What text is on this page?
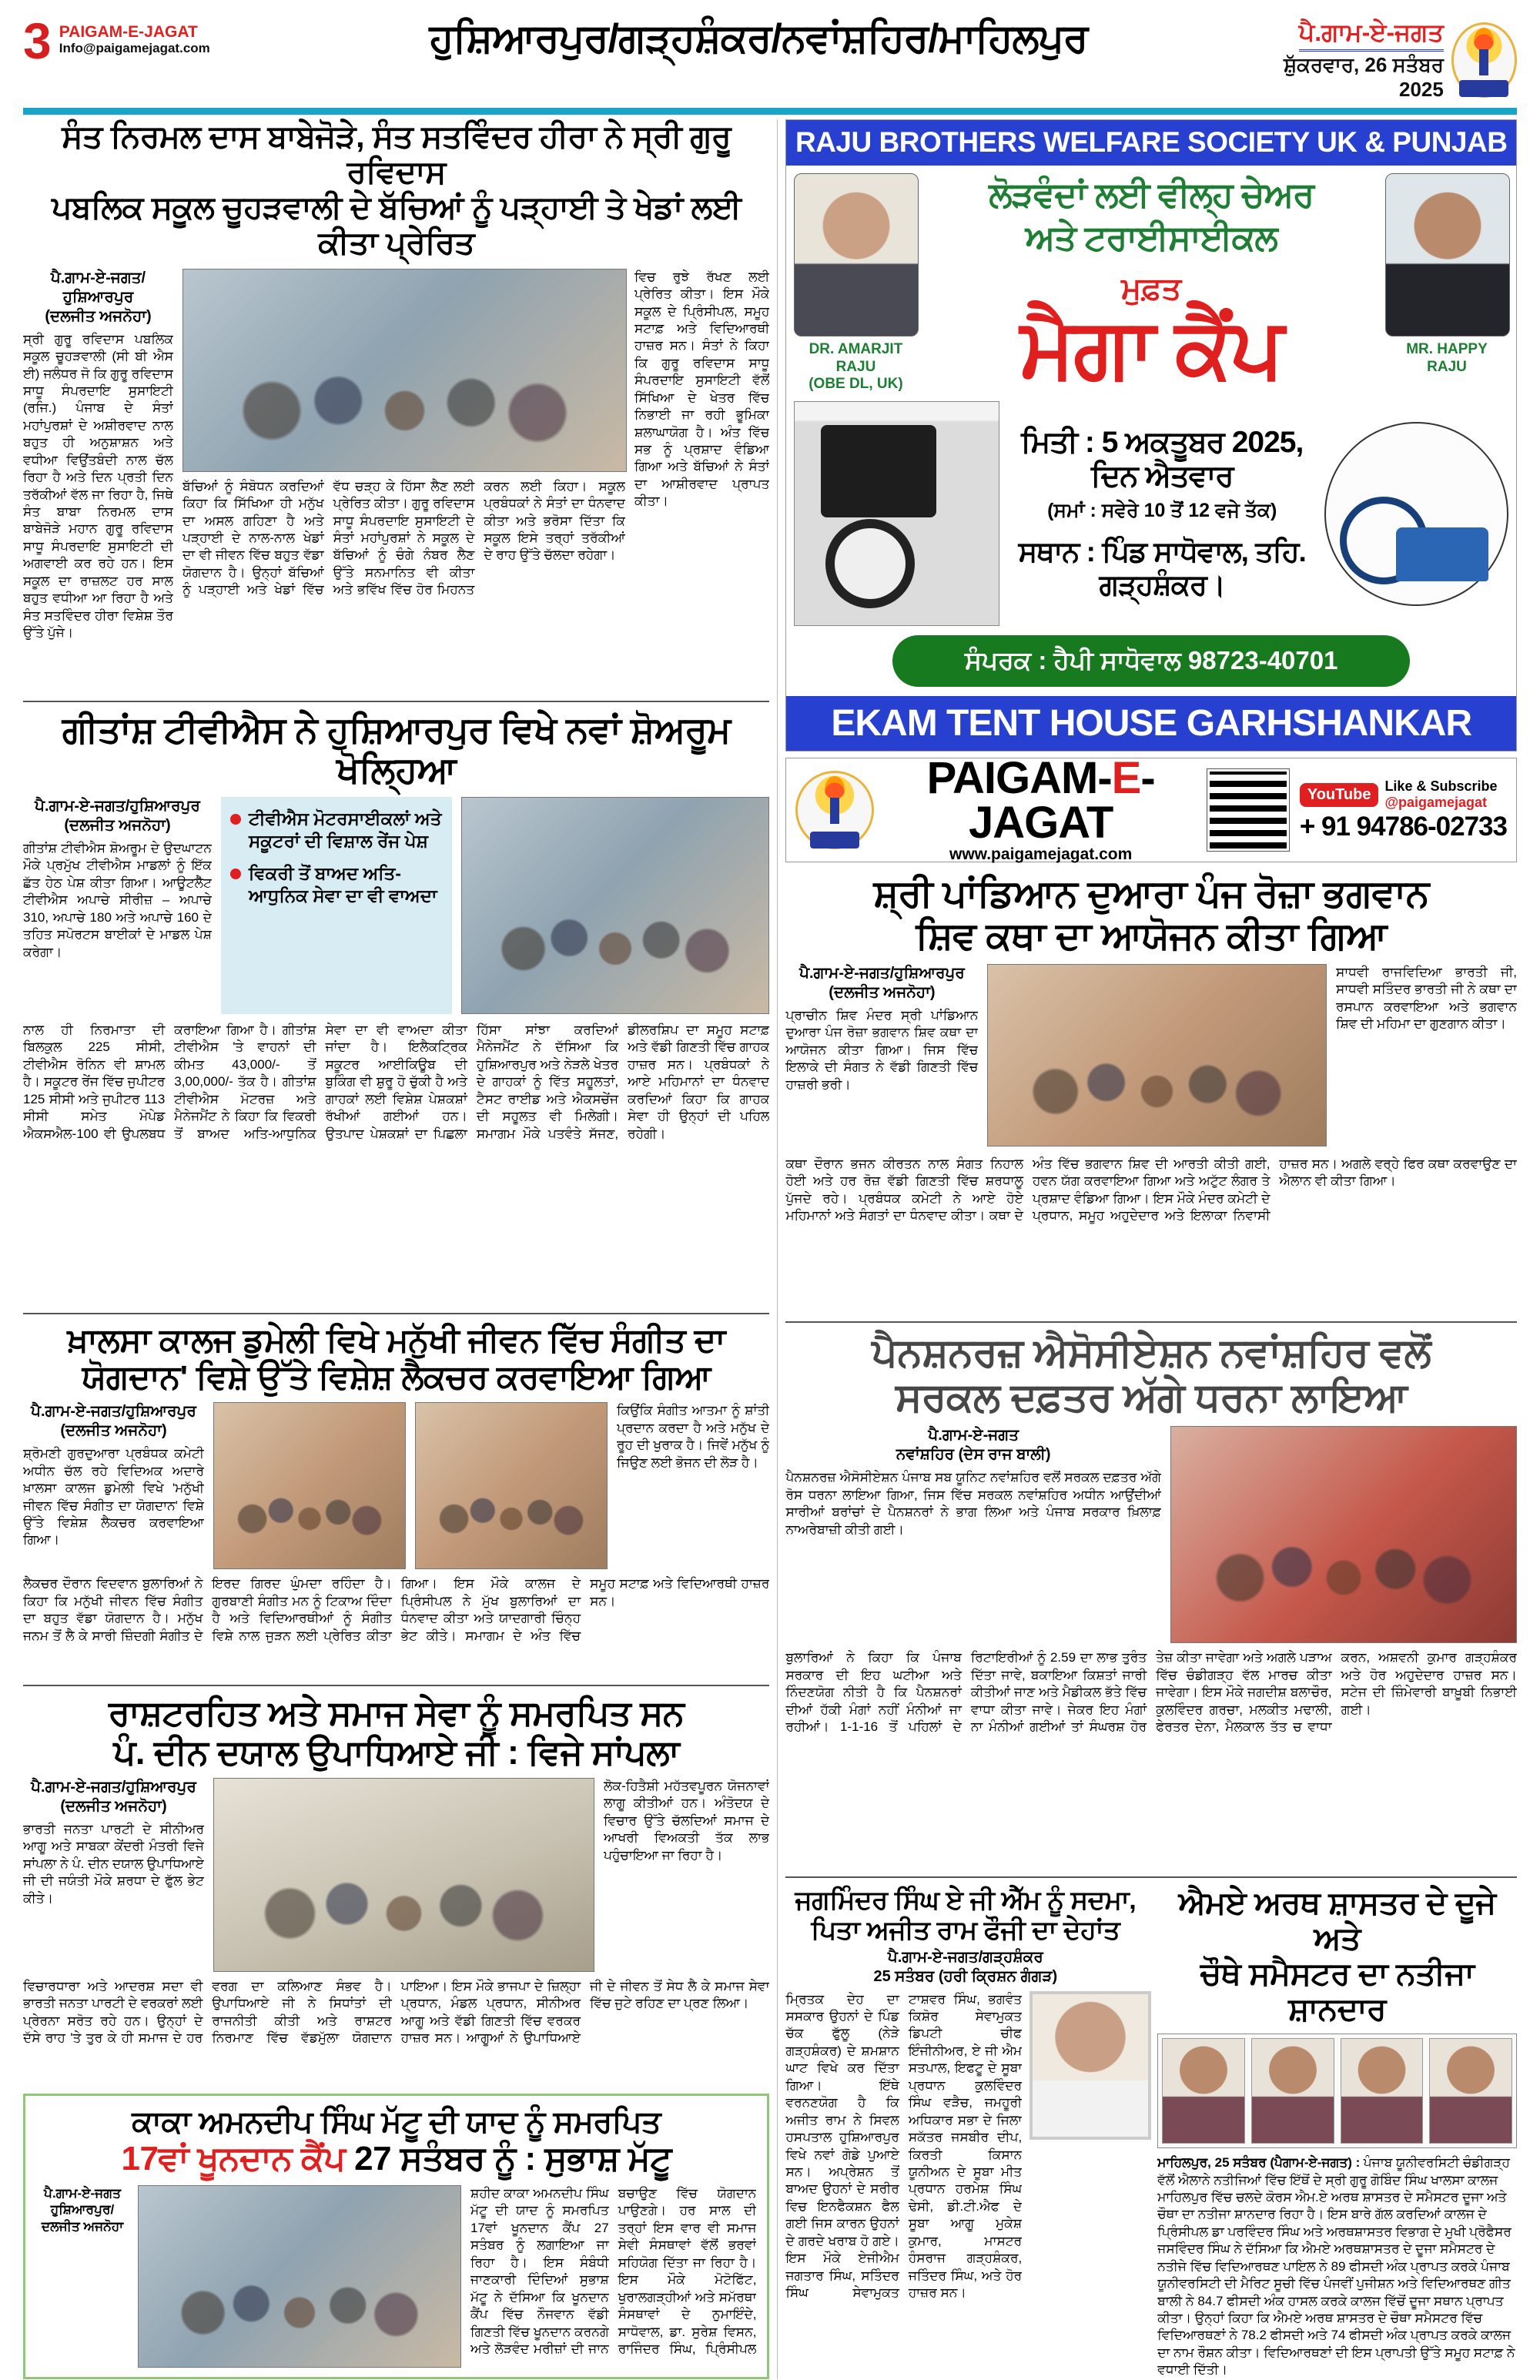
3 PAIGAM-E-JAGAT
Info@paigamejagat.com	ਹੁਸ਼ਿਆਰਪੁਰ/ਗੜ੍ਹਸ਼ੰਕਰ/ਨਵਾਂਸ਼ਹਿਰ/ਮਾਹਿਲਪੁਰ	ਪੈ.ਗਾਮ-ਏ-ਜਗਤ
ਸ਼ੁੱਕਰਵਾਰ, 26 ਸਤੰਬਰ 2025
ਸੰਤ ਨਿਰਮਲ ਦਾਸ ਬਾਬੇਜੋੜੇ, ਸੰਤ ਸਤਵਿੰਦਰ ਹੀਰਾ ਨੇ ਸ੍ਰੀ ਗੁਰੂ ਰਵਿਦਾਸ
ਪਬਲਿਕ ਸਕੂਲ ਚੂਹੜਵਾਲੀ ਦੇ ਬੱਚਿਆਂ ਨੂੰ ਪੜ੍ਹਾਈ ਤੇ ਖੇਡਾਂ ਲਈ ਕੀਤਾ ਪ੍ਰੇਰਿਤ
ਪੈ.ਗਾਮ-ਏ-ਜਗਤ/ਹੁਸ਼ਿਆਰਪੁਰ
(ਦਲਜੀਤ ਅਜਨੋਹਾ)
ਸ੍ਰੀ ਗੁਰੂ ਰਵਿਦਾਸ ਪਬਲਿਕ ਸਕੂਲ ਚੂਹੜਵਾਲੀ (ਸੀ ਬੀ ਐਸ ਈ) ਜਲੰਧਰ ਜੋ ਕਿ ਗੁਰੂ ਰਵਿਦਾਸ ਸਾਧੂ ਸੰਪਰਦਾਇ ਸੁਸਾਇਟੀ (ਰਜਿ.) ਪੰਜਾਬ ਦੇ ਸੰਤਾਂ ਮਹਾਂਪੁਰਸ਼ਾਂ ਦੇ ਅਸ਼ੀਰਵਾਦ ਨਾਲ ਬਹੁਤ ਹੀ ਅਨੁਸ਼ਾਸ਼ਨ ਅਤੇ ਵਧੀਆ ਵਿਉਂਤਬੰਦੀ ਨਾਲ ਚੱਲ ਰਿਹਾ ਹੈ ਅਤੇ ਦਿਨ ਪ੍ਰਤੀ ਦਿਨ ਤਰੱਕੀਆਂ ਵੱਲ ਜਾ ਰਿਹਾ ਹੈ, ਜਿਥੇ ਸੰਤ ਬਾਬਾ ਨਿਰਮਲ ਦਾਸ ਬਾਬੇਜੋੜੇ ਮਹਾਨ ਗੁਰੂ ਰਵਿਦਾਸ ਸਾਧੂ ਸੰਪਰਦਾਇ ਸੁਸਾਇਟੀ ਦੀ ਅਗਵਾਈ ਕਰ ਰਹੇ ਹਨ। ਇਸ ਸਕੂਲ ਦਾ ਰਾਜ਼ਲਟ ਹਰ ਸਾਲ ਬਹੁਤ ਵਧੀਆ ਆ ਰਿਹਾ ਹੈ ਅਤੇ ਸੰਤ ਸਤਵਿੰਦਰ ਹੀਰਾ ਵਿਸ਼ੇਸ਼ ਤੌਰ ਉੱਤੇ ਪੁੱਜੇ।
ਬੱਚਿਆਂ ਨੂੰ ਸੰਬੋਧਨ ਕਰਦਿਆਂ ਕਿਹਾ ਕਿ ਸਿੱਖਿਆ ਹੀ ਮਨੁੱਖ ਦਾ ਅਸਲ ਗਹਿਣਾ ਹੈ ਅਤੇ ਪੜ੍ਹਾਈ ਦੇ ਨਾਲ-ਨਾਲ ਖੇਡਾਂ ਦਾ ਵੀ ਜੀਵਨ ਵਿੱਚ ਬਹੁਤ ਵੱਡਾ ਯੋਗਦਾਨ ਹੈ। ਉਨ੍ਹਾਂ ਬੱਚਿਆਂ ਨੂੰ ਪੜ੍ਹਾਈ ਅਤੇ ਖੇਡਾਂ ਵਿੱਚ ਵੱਧ ਚੜ੍ਹ ਕੇ ਹਿੱਸਾ ਲੈਣ ਲਈ ਪ੍ਰੇਰਿਤ ਕੀਤਾ। ਗੁਰੂ ਰਵਿਦਾਸ ਸਾਧੂ ਸੰਪਰਦਾਇ ਸੁਸਾਇਟੀ ਦੇ ਸੰਤਾਂ ਮਹਾਂਪੁਰਸ਼ਾਂ ਨੇ ਸਕੂਲ ਦੇ ਬੱਚਿਆਂ ਨੂੰ ਚੰਗੇ ਨੰਬਰ ਲੈਣ ਉੱਤੇ ਸਨਮਾਨਿਤ ਵੀ ਕੀਤਾ ਅਤੇ ਭਵਿੱਖ ਵਿੱਚ ਹੋਰ ਮਿਹਨਤ ਕਰਨ ਲਈ ਕਿਹਾ। ਸਕੂਲ ਪ੍ਰਬੰਧਕਾਂ ਨੇ ਸੰਤਾਂ ਦਾ ਧੰਨਵਾਦ ਕੀਤਾ ਅਤੇ ਭਰੋਸਾ ਦਿੱਤਾ ਕਿ ਸਕੂਲ ਇਸੇ ਤਰ੍ਹਾਂ ਤਰੱਕੀਆਂ ਦੇ ਰਾਹ ਉੱਤੇ ਚੱਲਦਾ ਰਹੇਗਾ।
ਵਿਚ ਰੁਝੇ ਰੱਖਣ ਲਈ ਪ੍ਰੇਰਿਤ ਕੀਤਾ। ਇਸ ਮੌਕੇ ਸਕੂਲ ਦੇ ਪ੍ਰਿੰਸੀਪਲ, ਸਮੂਹ ਸਟਾਫ਼ ਅਤੇ ਵਿਦਿਆਰਥੀ ਹਾਜ਼ਰ ਸਨ। ਸੰਤਾਂ ਨੇ ਕਿਹਾ ਕਿ ਗੁਰੂ ਰਵਿਦਾਸ ਸਾਧੂ ਸੰਪਰਦਾਇ ਸੁਸਾਇਟੀ ਵੱਲੋਂ ਸਿੱਖਿਆ ਦੇ ਖੇਤਰ ਵਿੱਚ ਨਿਭਾਈ ਜਾ ਰਹੀ ਭੂਮਿਕਾ ਸ਼ਲਾਘਾਯੋਗ ਹੈ। ਅੰਤ ਵਿੱਚ ਸਭ ਨੂੰ ਪ੍ਰਸ਼ਾਦ ਵੰਡਿਆ ਗਿਆ ਅਤੇ ਬੱਚਿਆਂ ਨੇ ਸੰਤਾਂ ਦਾ ਆਸ਼ੀਰਵਾਦ ਪ੍ਰਾਪਤ ਕੀਤਾ।
ਗੀਤਾਂਸ਼ ਟੀਵੀਐਸ ਨੇ ਹੁਸ਼ਿਆਰਪੁਰ ਵਿਖੇ ਨਵਾਂ ਸ਼ੋਅਰੂਮ ਖੋਲ੍ਹਿਆ
ਪੈ.ਗਾਮ-ਏ-ਜਗਤ/ਹੁਸ਼ਿਆਰਪੁਰ
(ਦਲਜੀਤ ਅਜਨੋਹਾ)
ਗੀਤਾਂਸ਼ ਟੀਵੀਐਸ ਸ਼ੋਅਰੂਮ ਦੇ ਉਦਘਾਟਨ ਮੌਕੇ ਪ੍ਰਮੁੱਖ ਟੀਵੀਐਸ ਮਾਡਲਾਂ ਨੂੰ ਇੱਕ ਛੱਤ ਹੇਠ ਪੇਸ਼ ਕੀਤਾ ਗਿਆ। ਆਊਟਲੈੱਟ ਟੀਵੀਐਸ ਅਪਾਚੇ ਸੀਰੀਜ਼ – ਅਪਾਚੇ 310, ਅਪਾਚੇ 180 ਅਤੇ ਅਪਾਚੇ 160 ਦੇ ਤਹਿਤ ਸਪੋਰਟਸ ਬਾਈਕਾਂ ਦੇ ਮਾਡਲ ਪੇਸ਼ ਕਰੇਗਾ।
ਟੀਵੀਐਸ ਮੋਟਰਸਾਈਕਲਾਂ ਅਤੇ ਸਕੂਟਰਾਂ ਦੀ ਵਿਸ਼ਾਲ ਰੇਂਜ ਪੇਸ਼
ਵਿਕਰੀ ਤੋਂ ਬਾਅਦ ਅਤਿ-ਆਧੁਨਿਕ ਸੇਵਾ ਦਾ ਵੀ ਵਾਅਦਾ
ਨਾਲ ਹੀ ਨਿਰਮਾਤਾ ਦੀ ਬਿਲਕੁਲ 225 ਸੀਸੀ, ਟੀਵੀਐਸ ਰੋਨਿਨ ਵੀ ਸ਼ਾਮਲ ਹੈ। ਸਕੂਟਰ ਰੇਂਜ ਵਿੱਚ ਜੁਪੀਟਰ 125 ਸੀਸੀ ਅਤੇ ਜੁਪੀਟਰ 113 ਸੀਸੀ ਸਮੇਤ ਮੋਪੇਡ ਐਕਸਐਲ-100 ਵੀ ਉਪਲਬਧ ਕਰਾਇਆ ਗਿਆ ਹੈ। ਗੀਤਾਂਸ਼ ਟੀਵੀਐਸ 'ਤੇ ਵਾਹਨਾਂ ਦੀ ਕੀਮਤ 43,000/- ਤੋਂ 3,00,000/- ਤੱਕ ਹੈ। ਗੀਤਾਂਸ਼ ਟੀਵੀਐਸ ਮੋਟਰਜ਼ ਅਤੇ ਮੈਨੇਜਮੈਂਟ ਨੇ ਕਿਹਾ ਕਿ ਵਿਕਰੀ ਤੋਂ ਬਾਅਦ ਅਤਿ-ਆਧੁਨਿਕ ਸੇਵਾ ਦਾ ਵੀ ਵਾਅਦਾ ਕੀਤਾ ਜਾਂਦਾ ਹੈ। ਇਲੈਕਟ੍ਰਿਕ ਸਕੂਟਰ ਆਈਕਿਊਬ ਦੀ ਬੁਕਿੰਗ ਵੀ ਸ਼ੁਰੂ ਹੋ ਚੁੱਕੀ ਹੈ ਅਤੇ ਗਾਹਕਾਂ ਲਈ ਵਿਸ਼ੇਸ਼ ਪੇਸ਼ਕਸ਼ਾਂ ਰੱਖੀਆਂ ਗਈਆਂ ਹਨ। ਉਤਪਾਦ ਪੇਸ਼ਕਸ਼ਾਂ ਦਾ ਪਿਛਲਾ ਹਿੱਸਾ ਸਾਂਝਾ ਕਰਦਿਆਂ ਮੈਨੇਜਮੈਂਟ ਨੇ ਦੱਸਿਆ ਕਿ ਹੁਸ਼ਿਆਰਪੁਰ ਅਤੇ ਨੇੜਲੇ ਖੇਤਰ ਦੇ ਗਾਹਕਾਂ ਨੂੰ ਵਿੱਤ ਸਹੂਲਤਾਂ, ਟੈਸਟ ਰਾਈਡ ਅਤੇ ਐਕਸਚੇਂਜ ਦੀ ਸਹੂਲਤ ਵੀ ਮਿਲੇਗੀ। ਸਮਾਗਮ ਮੌਕੇ ਪਤਵੰਤੇ ਸੱਜਣ, ਡੀਲਰਸ਼ਿਪ ਦਾ ਸਮੂਹ ਸਟਾਫ਼ ਅਤੇ ਵੱਡੀ ਗਿਣਤੀ ਵਿੱਚ ਗਾਹਕ ਹਾਜ਼ਰ ਸਨ। ਪ੍ਰਬੰਧਕਾਂ ਨੇ ਆਏ ਮਹਿਮਾਨਾਂ ਦਾ ਧੰਨਵਾਦ ਕਰਦਿਆਂ ਕਿਹਾ ਕਿ ਗਾਹਕ ਸੇਵਾ ਹੀ ਉਨ੍ਹਾਂ ਦੀ ਪਹਿਲ ਰਹੇਗੀ।
ਖ਼ਾਲਸਾ ਕਾਲਜ ਡੁਮੇਲੀ ਵਿਖੇ ਮਨੁੱਖੀ ਜੀਵਨ ਵਿੱਚ ਸੰਗੀਤ ਦਾ
ਯੋਗਦਾਨ' ਵਿਸ਼ੇ ਉੱਤੇ ਵਿਸ਼ੇਸ਼ ਲੈਕਚਰ ਕਰਵਾਇਆ ਗਿਆ
ਪੈ.ਗਾਮ-ਏ-ਜਗਤ/ਹੁਸ਼ਿਆਰਪੁਰ
(ਦਲਜੀਤ ਅਜਨੋਹਾ)
ਸ਼੍ਰੋਮਣੀ ਗੁਰਦੁਆਰਾ ਪ੍ਰਬੰਧਕ ਕਮੇਟੀ ਅਧੀਨ ਚੱਲ ਰਹੇ ਵਿਦਿਅਕ ਅਦਾਰੇ ਖ਼ਾਲਸਾ ਕਾਲਜ ਡੁਮੇਲੀ ਵਿਖੇ 'ਮਨੁੱਖੀ ਜੀਵਨ ਵਿੱਚ ਸੰਗੀਤ ਦਾ ਯੋਗਦਾਨ' ਵਿਸ਼ੇ ਉੱਤੇ ਵਿਸ਼ੇਸ਼ ਲੈਕਚਰ ਕਰਵਾਇਆ ਗਿਆ।
ਕਿਉਂਕਿ ਸੰਗੀਤ ਆਤਮਾ ਨੂੰ ਸ਼ਾਂਤੀ ਪ੍ਰਦਾਨ ਕਰਦਾ ਹੈ ਅਤੇ ਮਨੁੱਖ ਦੇ ਰੂਹ ਦੀ ਖੁਰਾਕ ਹੈ। ਜਿਵੇਂ ਮਨੁੱਖ ਨੂੰ ਜਿਉਣ ਲਈ ਭੋਜਨ ਦੀ ਲੋੜ ਹੈ।
ਲੈਕਚਰ ਦੌਰਾਨ ਵਿਦਵਾਨ ਬੁਲਾਰਿਆਂ ਨੇ ਕਿਹਾ ਕਿ ਮਨੁੱਖੀ ਜੀਵਨ ਵਿੱਚ ਸੰਗੀਤ ਦਾ ਬਹੁਤ ਵੱਡਾ ਯੋਗਦਾਨ ਹੈ। ਮਨੁੱਖ ਜਨਮ ਤੋਂ ਲੈ ਕੇ ਸਾਰੀ ਜ਼ਿੰਦਗੀ ਸੰਗੀਤ ਦੇ ਇਰਦ ਗਿਰਦ ਘੁੰਮਦਾ ਰਹਿੰਦਾ ਹੈ। ਗੁਰਬਾਣੀ ਸੰਗੀਤ ਮਨ ਨੂੰ ਟਿਕਾਅ ਦਿੰਦਾ ਹੈ ਅਤੇ ਵਿਦਿਆਰਥੀਆਂ ਨੂੰ ਸੰਗੀਤ ਵਿਸ਼ੇ ਨਾਲ ਜੁੜਨ ਲਈ ਪ੍ਰੇਰਿਤ ਕੀਤਾ ਗਿਆ। ਇਸ ਮੌਕੇ ਕਾਲਜ ਦੇ ਪ੍ਰਿੰਸੀਪਲ ਨੇ ਮੁੱਖ ਬੁਲਾਰਿਆਂ ਦਾ ਧੰਨਵਾਦ ਕੀਤਾ ਅਤੇ ਯਾਦਗਾਰੀ ਚਿੰਨ੍ਹ ਭੇਟ ਕੀਤੇ। ਸਮਾਗਮ ਦੇ ਅੰਤ ਵਿੱਚ ਸਮੂਹ ਸਟਾਫ਼ ਅਤੇ ਵਿਦਿਆਰਥੀ ਹਾਜ਼ਰ ਸਨ।
ਰਾਸ਼ਟਰਹਿਤ ਅਤੇ ਸਮਾਜ ਸੇਵਾ ਨੂੰ ਸਮਰਪਿਤ ਸਨ
ਪੰ. ਦੀਨ ਦਯਾਲ ਉਪਾਧਿਆਏ ਜੀ : ਵਿਜੇ ਸਾਂਪਲਾ
ਪੈ.ਗਾਮ-ਏ-ਜਗਤ/ਹੁਸ਼ਿਆਰਪੁਰ
(ਦਲਜੀਤ ਅਜਨੋਹਾ)
ਭਾਰਤੀ ਜਨਤਾ ਪਾਰਟੀ ਦੇ ਸੀਨੀਅਰ ਆਗੂ ਅਤੇ ਸਾਬਕਾ ਕੇਂਦਰੀ ਮੰਤਰੀ ਵਿਜੇ ਸਾਂਪਲਾ ਨੇ ਪੰ. ਦੀਨ ਦਯਾਲ ਉਪਾਧਿਆਏ ਜੀ ਦੀ ਜਯੰਤੀ ਮੌਕੇ ਸ਼ਰਧਾ ਦੇ ਫੁੱਲ ਭੇਟ ਕੀਤੇ।
ਲੋਕ-ਹਿਤੈਸ਼ੀ ਮਹੱਤਵਪੂਰਨ ਯੋਜਨਾਵਾਂ ਲਾਗੂ ਕੀਤੀਆਂ ਹਨ। ਅੰਤੋਦਯ ਦੇ ਵਿਚਾਰ ਉੱਤੇ ਚੱਲਦਿਆਂ ਸਮਾਜ ਦੇ ਆਖਰੀ ਵਿਅਕਤੀ ਤੱਕ ਲਾਭ ਪਹੁੰਚਾਇਆ ਜਾ ਰਿਹਾ ਹੈ।
ਵਿਚਾਰਧਾਰਾ ਅਤੇ ਆਦਰਸ਼ ਸਦਾ ਵੀ ਭਾਰਤੀ ਜਨਤਾ ਪਾਰਟੀ ਦੇ ਵਰਕਰਾਂ ਲਈ ਪ੍ਰੇਰਨਾ ਸਰੋਤ ਰਹੇ ਹਨ। ਉਨ੍ਹਾਂ ਦੇ ਦੱਸੇ ਰਾਹ 'ਤੇ ਤੁਰ ਕੇ ਹੀ ਸਮਾਜ ਦੇ ਹਰ ਵਰਗ ਦਾ ਕਲਿਆਣ ਸੰਭਵ ਹੈ। ਉਪਾਧਿਆਏ ਜੀ ਨੇ ਸਿਧਾਂਤਾਂ ਦੀ ਰਾਜਨੀਤੀ ਕੀਤੀ ਅਤੇ ਰਾਸ਼ਟਰ ਨਿਰਮਾਣ ਵਿੱਚ ਵੱਡਮੁੱਲਾ ਯੋਗਦਾਨ ਪਾਇਆ। ਇਸ ਮੌਕੇ ਭਾਜਪਾ ਦੇ ਜ਼ਿਲ੍ਹਾ ਪ੍ਰਧਾਨ, ਮੰਡਲ ਪ੍ਰਧਾਨ, ਸੀਨੀਅਰ ਆਗੂ ਅਤੇ ਵੱਡੀ ਗਿਣਤੀ ਵਿੱਚ ਵਰਕਰ ਹਾਜ਼ਰ ਸਨ। ਆਗੂਆਂ ਨੇ ਉਪਾਧਿਆਏ ਜੀ ਦੇ ਜੀਵਨ ਤੋਂ ਸੇਧ ਲੈ ਕੇ ਸਮਾਜ ਸੇਵਾ ਵਿੱਚ ਜੁਟੇ ਰਹਿਣ ਦਾ ਪ੍ਰਣ ਲਿਆ।
ਕਾਕਾ ਅਮਨਦੀਪ ਸਿੰਘ ਮੱਟੂ ਦੀ ਯਾਦ ਨੂੰ ਸਮਰਪਿਤ
17ਵਾਂ ਖੂਨਦਾਨ ਕੈਂਪ 27 ਸਤੰਬਰ ਨੂੰ : ਸੁਭਾਸ਼ ਮੱਟੂ
ਪੈ.ਗਾਮ-ਏ-ਜਗਤ
ਹੁਸ਼ਿਆਰਪੁਰ/ਦਲਜੀਤ ਅਜਨੋਹਾ
ਸ਼ਹੀਦ ਕਾਕਾ ਅਮਨਦੀਪ ਸਿੰਘ ਮੱਟੂ ਦੀ ਯਾਦ ਨੂੰ ਸਮਰਪਿਤ 17ਵਾਂ ਖੂਨਦਾਨ ਕੈਂਪ 27 ਸਤੰਬਰ ਨੂੰ ਲਗਾਇਆ ਜਾ ਰਿਹਾ ਹੈ। ਇਸ ਸੰਬੰਧੀ ਜਾਣਕਾਰੀ ਦਿੰਦਿਆਂ ਸੁਭਾਸ਼ ਮੱਟੂ ਨੇ ਦੱਸਿਆ ਕਿ ਖੂਨਦਾਨ ਕੈਂਪ ਵਿੱਚ ਨੌਜਵਾਨ ਵੱਡੀ ਗਿਣਤੀ ਵਿੱਚ ਖੂਨਦਾਨ ਕਰਨਗੇ ਅਤੇ ਲੋੜਵੰਦ ਮਰੀਜ਼ਾਂ ਦੀ ਜਾਨ ਬਚਾਉਣ ਵਿੱਚ ਯੋਗਦਾਨ ਪਾਉਣਗੇ। ਹਰ ਸਾਲ ਦੀ ਤਰ੍ਹਾਂ ਇਸ ਵਾਰ ਵੀ ਸਮਾਜ ਸੇਵੀ ਸੰਸਥਾਵਾਂ ਵੱਲੋਂ ਭਰਵਾਂ ਸਹਿਯੋਗ ਦਿੱਤਾ ਜਾ ਰਿਹਾ ਹੈ। ਇਸ ਮੌਕੇ ਮੋਟੋਫਿੱਟ, ਖੁਰਾਲਗੜ੍ਹੀਆਂ ਅਤੇ ਸਮੱਰਥਾ ਸੰਸਥਾਵਾਂ ਦੇ ਨੁਮਾਇੰਦੇ, ਸਾਧੋਵਾਲ, ਡਾ. ਸੁਰੇਸ਼ ਵਿਸਨ, ਰਾਜਿੰਦਰ ਸਿੰਘ, ਪ੍ਰਿੰਸੀਪਲ
RAJU BROTHERS WELFARE SOCIETY UK & PUNJAB
DR. AMARJIT RAJU
(OBE DL, UK)
ਲੋੜਵੰਦਾਂ ਲਈ ਵੀਲ੍ਹ ਚੇਅਰ
ਅਤੇ ਟਰਾਈਸਾਈਕਲ
ਮੁਫ਼ਤ
ਮੈਗਾ ਕੈਂਪ	MR. HAPPY
RAJU
ਮਿਤੀ : 5 ਅਕਤੂਬਰ 2025, ਦਿਨ ਐਤਵਾਰ
(ਸਮਾਂ : ਸਵੇਰੇ 10 ਤੋਂ 12 ਵਜੇ ਤੱਕ)
ਸਥਾਨ : ਪਿੰਡ ਸਾਧੋਵਾਲ, ਤਹਿ. ਗੜ੍ਹਸ਼ੰਕਰ।
ਸੰਪਰਕ : ਹੈਪੀ ਸਾਧੋਵਾਲ 98723-40701
EKAM TENT HOUSE GARHSHANKAR
PAIGAM-E-JAGAT
www.paigamejagat.com
YouTube
Like & Subscribe
@paigamejagat
+ 91 94786-02733
ਸ਼੍ਰੀ ਪਾਂਡਿਆਨ ਦੁਆਰਾ ਪੰਜ ਰੋਜ਼ਾ ਭਗਵਾਨ
ਸ਼ਿਵ ਕਥਾ ਦਾ ਆਯੋਜਨ ਕੀਤਾ ਗਿਆ
ਪੈ.ਗਾਮ-ਏ-ਜਗਤ/ਹੁਸ਼ਿਆਰਪੁਰ
(ਦਲਜੀਤ ਅਜਨੋਹਾ)
ਪ੍ਰਾਚੀਨ ਸ਼ਿਵ ਮੰਦਰ ਸ੍ਰੀ ਪਾਂਡਿਆਨ ਦੁਆਰਾ ਪੰਜ ਰੋਜ਼ਾ ਭਗਵਾਨ ਸ਼ਿਵ ਕਥਾ ਦਾ ਆਯੋਜਨ ਕੀਤਾ ਗਿਆ। ਜਿਸ ਵਿੱਚ ਇਲਾਕੇ ਦੀ ਸੰਗਤ ਨੇ ਵੱਡੀ ਗਿਣਤੀ ਵਿੱਚ ਹਾਜ਼ਰੀ ਭਰੀ।
ਸਾਧਵੀ ਰਾਜਵਿਦਿਆ ਭਾਰਤੀ ਜੀ, ਸਾਧਵੀ ਸਤਿੰਦਰ ਭਾਰਤੀ ਜੀ ਨੇ ਕਥਾ ਦਾ ਰਸਪਾਨ ਕਰਵਾਇਆ ਅਤੇ ਭਗਵਾਨ ਸ਼ਿਵ ਦੀ ਮਹਿਮਾ ਦਾ ਗੁਣਗਾਨ ਕੀਤਾ।
ਕਥਾ ਦੌਰਾਨ ਭਜਨ ਕੀਰਤਨ ਨਾਲ ਸੰਗਤ ਨਿਹਾਲ ਹੋਈ ਅਤੇ ਹਰ ਰੋਜ਼ ਵੱਡੀ ਗਿਣਤੀ ਵਿੱਚ ਸ਼ਰਧਾਲੂ ਪੁੱਜਦੇ ਰਹੇ। ਪ੍ਰਬੰਧਕ ਕਮੇਟੀ ਨੇ ਆਏ ਹੋਏ ਮਹਿਮਾਨਾਂ ਅਤੇ ਸੰਗਤਾਂ ਦਾ ਧੰਨਵਾਦ ਕੀਤਾ। ਕਥਾ ਦੇ ਅੰਤ ਵਿੱਚ ਭਗਵਾਨ ਸ਼ਿਵ ਦੀ ਆਰਤੀ ਕੀਤੀ ਗਈ, ਹਵਨ ਯੱਗ ਕਰਵਾਇਆ ਗਿਆ ਅਤੇ ਅਟੁੱਟ ਲੰਗਰ ਤੇ ਪ੍ਰਸ਼ਾਦ ਵੰਡਿਆ ਗਿਆ। ਇਸ ਮੌਕੇ ਮੰਦਰ ਕਮੇਟੀ ਦੇ ਪ੍ਰਧਾਨ, ਸਮੂਹ ਅਹੁਦੇਦਾਰ ਅਤੇ ਇਲਾਕਾ ਨਿਵਾਸੀ ਹਾਜ਼ਰ ਸਨ। ਅਗਲੇ ਵਰ੍ਹੇ ਫਿਰ ਕਥਾ ਕਰਵਾਉਣ ਦਾ ਐਲਾਨ ਵੀ ਕੀਤਾ ਗਿਆ।
ਪੈਨਸ਼ਨਰਜ਼ ਐਸੋਸੀਏਸ਼ਨ ਨਵਾਂਸ਼ਹਿਰ ਵਲੋਂ
ਸਰਕਲ ਦਫ਼ਤਰ ਅੱਗੇ ਧਰਨਾ ਲਾਇਆ
ਪੈ.ਗਾਮ-ਏ-ਜਗਤ
ਨਵਾਂਸ਼ਹਿਰ (ਦੇਸ ਰਾਜ ਬਾਲੀ)
ਪੈਨਸ਼ਨਰਜ਼ ਐਸੋਸੀਏਸ਼ਨ ਪੰਜਾਬ ਸਬ ਯੂਨਿਟ ਨਵਾਂਸ਼ਹਿਰ ਵਲੋਂ ਸਰਕਲ ਦਫ਼ਤਰ ਅੱਗੇ ਰੋਸ ਧਰਨਾ ਲਾਇਆ ਗਿਆ, ਜਿਸ ਵਿੱਚ ਸਰਕਲ ਨਵਾਂਸ਼ਹਿਰ ਅਧੀਨ ਆਉਂਦੀਆਂ ਸਾਰੀਆਂ ਬਰਾਂਚਾਂ ਦੇ ਪੈਨਸ਼ਨਰਾਂ ਨੇ ਭਾਗ ਲਿਆ ਅਤੇ ਪੰਜਾਬ ਸਰਕਾਰ ਖ਼ਿਲਾਫ਼ ਨਾਅਰੇਬਾਜ਼ੀ ਕੀਤੀ ਗਈ।
ਬੁਲਾਰਿਆਂ ਨੇ ਕਿਹਾ ਕਿ ਪੰਜਾਬ ਸਰਕਾਰ ਦੀ ਇਹ ਘਟੀਆ ਅਤੇ ਨਿੰਦਣਯੋਗ ਨੀਤੀ ਹੈ ਕਿ ਪੈਨਸ਼ਨਰਾਂ ਦੀਆਂ ਹੱਕੀ ਮੰਗਾਂ ਨਹੀਂ ਮੰਨੀਆਂ ਜਾ ਰਹੀਆਂ। 1-1-16 ਤੋਂ ਪਹਿਲਾਂ ਦੇ ਰਿਟਾਇਰੀਆਂ ਨੂੰ 2.59 ਦਾ ਲਾਭ ਤੁਰੰਤ ਦਿੱਤਾ ਜਾਵੇ, ਬਕਾਇਆ ਕਿਸ਼ਤਾਂ ਜਾਰੀ ਕੀਤੀਆਂ ਜਾਣ ਅਤੇ ਮੈਡੀਕਲ ਭੱਤੇ ਵਿੱਚ ਵਾਧਾ ਕੀਤਾ ਜਾਵੇ। ਜੇਕਰ ਇਹ ਮੰਗਾਂ ਨਾ ਮੰਨੀਆਂ ਗਈਆਂ ਤਾਂ ਸੰਘਰਸ਼ ਹੋਰ ਤੇਜ਼ ਕੀਤਾ ਜਾਵੇਗਾ ਅਤੇ ਅਗਲੇ ਪੜਾਅ ਵਿੱਚ ਚੰਡੀਗੜ੍ਹ ਵੱਲ ਮਾਰਚ ਕੀਤਾ ਜਾਵੇਗਾ। ਇਸ ਮੌਕੇ ਜਗਦੀਸ਼ ਬਲਾਚੌਰ, ਕੁਲਵਿੰਦਰ ਗਰਚਾ, ਮਲਕੀਤ ਮਢਾਲੀ, ਫੇਰਤਰ ਦੇਨਾ, ਮੈਲਕਾਲ ਤੱਤ ਚ ਵਾਧਾ ਕਰਨ, ਅਸ਼ਵਨੀ ਕੁਮਾਰ ਗੜ੍ਹਸ਼ੰਕਰ ਅਤੇ ਹੋਰ ਅਹੁਦੇਦਾਰ ਹਾਜ਼ਰ ਸਨ। ਸਟੇਜ ਦੀ ਜ਼ਿੰਮੇਵਾਰੀ ਬਾਖ਼ੂਬੀ ਨਿਭਾਈ ਗਈ।
ਜਗਮਿੰਦਰ ਸਿੰਘ ਏ ਜੀ ਐੱਮ ਨੂੰ ਸਦਮਾ,
ਪਿਤਾ ਅਜੀਤ ਰਾਮ ਫੌਜੀ ਦਾ ਦੇਹਾਂਤ
ਪੈ.ਗਾਮ-ਏ-ਜਗਤ/ਗੜ੍ਹਸ਼ੰਕਰ
25 ਸਤੰਬਰ (ਹਰੀ ਕ੍ਰਿਸ਼ਨ ਗੰਗੜ)
ਮ੍ਰਿਤਕ ਦੇਹ ਦਾ ਸਸਕਾਰ ਉਹਨਾਂ ਦੇ ਪਿੰਡ ਚੱਕ ਫੁੱਲੂ (ਨੇੜੇ ਗੜ੍ਹਸ਼ੰਕਰ) ਦੇ ਸ਼ਮਸ਼ਾਨ ਘਾਟ ਵਿਖੇ ਕਰ ਦਿੱਤਾ ਗਿਆ। ਇੱਥੇ ਵਰਨਣਯੋਗ ਹੈ ਕਿ ਅਜੀਤ ਰਾਮ ਨੇ ਸਿਵਲ ਹਸਪਤਾਲ ਹੁਸ਼ਿਆਰਪੁਰ ਵਿਖੇ ਨਵਾਂ ਗੋਡੇ ਪੁਆਏ ਸਨ। ਅਪ੍ਰੇਸ਼ਨ ਤੋਂ ਬਾਅਦ ਉਹਨਾਂ ਦੇ ਸਰੀਰ ਵਿਚ ਇਨਫੈਕਸ਼ਨ ਫੈਲ ਗਈ ਜਿਸ ਕਾਰਨ ਉਹਨਾਂ ਦੇ ਗਰਦੇ ਖਰਾਬ ਹੋ ਗਏ। ਇਸ ਮੌਕੇ ਏਜੀਐਮ ਜਗਤਾਰ ਸਿੰਘ, ਸਤਿੰਦਰ ਸਿੰਘ ਸੇਵਾਮੁਕਤ ਟਾਸ਼ਵਰ ਸਿੰਘ, ਭਗਵੰਤ ਕਿਸ਼ੋਰ ਸੇਵਾਮੁਕਤ ਡਿਪਟੀ ਚੀਫ ਇੰਜੀਨੀਅਰ, ਏ ਜੀ ਐਮ ਸਤਪਾਲ, ਇਫਟੂ ਦੇ ਸੂਬਾ ਪ੍ਰਧਾਨ ਕੁਲਵਿੰਦਰ ਸਿੰਘ ਵੜੈਚ, ਜਮਹੂਰੀ ਅਧਿਕਾਰ ਸਭਾ ਦੇ ਜਿਲਾ ਸਕੱਤਰ ਜਸਬੀਰ ਦੀਪ, ਕਿਰਤੀ ਕਿਸਾਨ ਯੂਨੀਅਨ ਦੇ ਸੂਬਾ ਮੀਤ ਪ੍ਰਧਾਨ ਹਰਮੇਸ਼ ਸਿੰਘ ਢੇਸੀ, ਡੀ.ਟੀ.ਐਫ ਦੇ ਸੂਬਾ ਆਗੂ ਮੁਕੇਸ਼ ਕੁਮਾਰ, ਮਾਸਟਰ ਹੰਸਰਾਜ ਗੜ੍ਹਸ਼ੰਕਰ, ਜਤਿੰਦਰ ਸਿੰਘ, ਅਤੇ ਹੋਰ ਹਾਜ਼ਰ ਸਨ।
ਐਮਏ ਅਰਥ ਸ਼ਾਸਤਰ ਦੇ ਦੂਜੇ ਅਤੇ
ਚੌਥੇ ਸਮੈਸਟਰ ਦਾ ਨਤੀਜਾ ਸ਼ਾਨਦਾਰ
ਮਾਹਿਲਪੁਰ, 25 ਸਤੰਬਰ (ਪੈਗਾਮ-ਏ-ਜਗਤ) : ਪੰਜਾਬ ਯੂਨੀਵਰਸਿਟੀ ਚੰਡੀਗੜ੍ਹ ਵੱਲੋਂ ਐਲਾਨੇ ਨਤੀਜਿਆਂ ਵਿੱਚ ਇੱਥੋਂ ਦੇ ਸ੍ਰੀ ਗੁਰੂ ਗੋਬਿੰਦ ਸਿੰਘ ਖਾਲਸਾ ਕਾਲਜ ਮਾਹਿਲਪੁਰ ਵਿੱਚ ਚਲਦੇ ਕੋਰਸ ਐਮ.ਏ ਅਰਥ ਸ਼ਾਸਤਰ ਦੇ ਸਮੈਸਟਰ ਦੂਜਾ ਅਤੇ ਚੌਥਾ ਦਾ ਨਤੀਜਾ ਸ਼ਾਨਦਾਰ ਰਿਹਾ ਹੈ। ਇਸ ਬਾਰੇ ਗੱਲ ਕਰਦਿਆਂ ਕਾਲਜ ਦੇ ਪ੍ਰਿੰਸੀਪਲ ਡਾ ਪਰਵਿੰਦਰ ਸਿੰਘ ਅਤੇ ਅਰਥਸ਼ਾਸਤਰ ਵਿਭਾਗ ਦੇ ਮੁਖੀ ਪ੍ਰੋਫੈਸਰ ਜਸਵਿੰਦਰ ਸਿੰਘ ਨੇ ਦੱਸਿਆ ਕਿ ਐਮਏ ਅਰਥਸ਼ਾਸਤਰ ਦੇ ਦੂਜਾ ਸਮੈਸਟਰ ਦੇ ਨਤੀਜੇ ਵਿੱਚ ਵਿਦਿਆਰਥਣ ਪਾਇਲ ਨੇ 89 ਫੀਸਦੀ ਅੰਕ ਪ੍ਰਾਪਤ ਕਰਕੇ ਪੰਜਾਬ ਯੂਨੀਵਰਸਿਟੀ ਦੀ ਮੈਰਿਟ ਸੂਚੀ ਵਿੱਚ ਪੰਜਵੀਂ ਪੁਜੀਸ਼ਨ ਅਤੇ ਵਿਦਿਆਰਥਣ ਗੀਤ ਬਾਲੀ ਨੇ 84.7 ਫੀਸਦੀ ਅੰਕ ਹਾਸਲ ਕਰਕੇ ਕਾਲਜ ਵਿੱਚੋਂ ਦੂਜਾ ਸਥਾਨ ਪ੍ਰਾਪਤ ਕੀਤਾ। ਉਨ੍ਹਾਂ ਕਿਹਾ ਕਿ ਐਮਏ ਅਰਥ ਸ਼ਾਸਤਰ ਦੇ ਚੌਥਾ ਸਮੈਸਟਰ ਵਿੱਚ ਵਿਦਿਆਰਥਣਾਂ ਨੇ 78.2 ਫੀਸਦੀ ਅਤੇ 74 ਫੀਸਦੀ ਅੰਕ ਪ੍ਰਾਪਤ ਕਰਕੇ ਕਾਲਜ ਦਾ ਨਾਮ ਰੌਸ਼ਨ ਕੀਤਾ। ਵਿਦਿਆਰਥਣਾਂ ਦੀ ਇਸ ਪ੍ਰਾਪਤੀ ਉੱਤੇ ਸਮੂਹ ਸਟਾਫ਼ ਨੇ ਵਧਾਈ ਦਿੱਤੀ।
